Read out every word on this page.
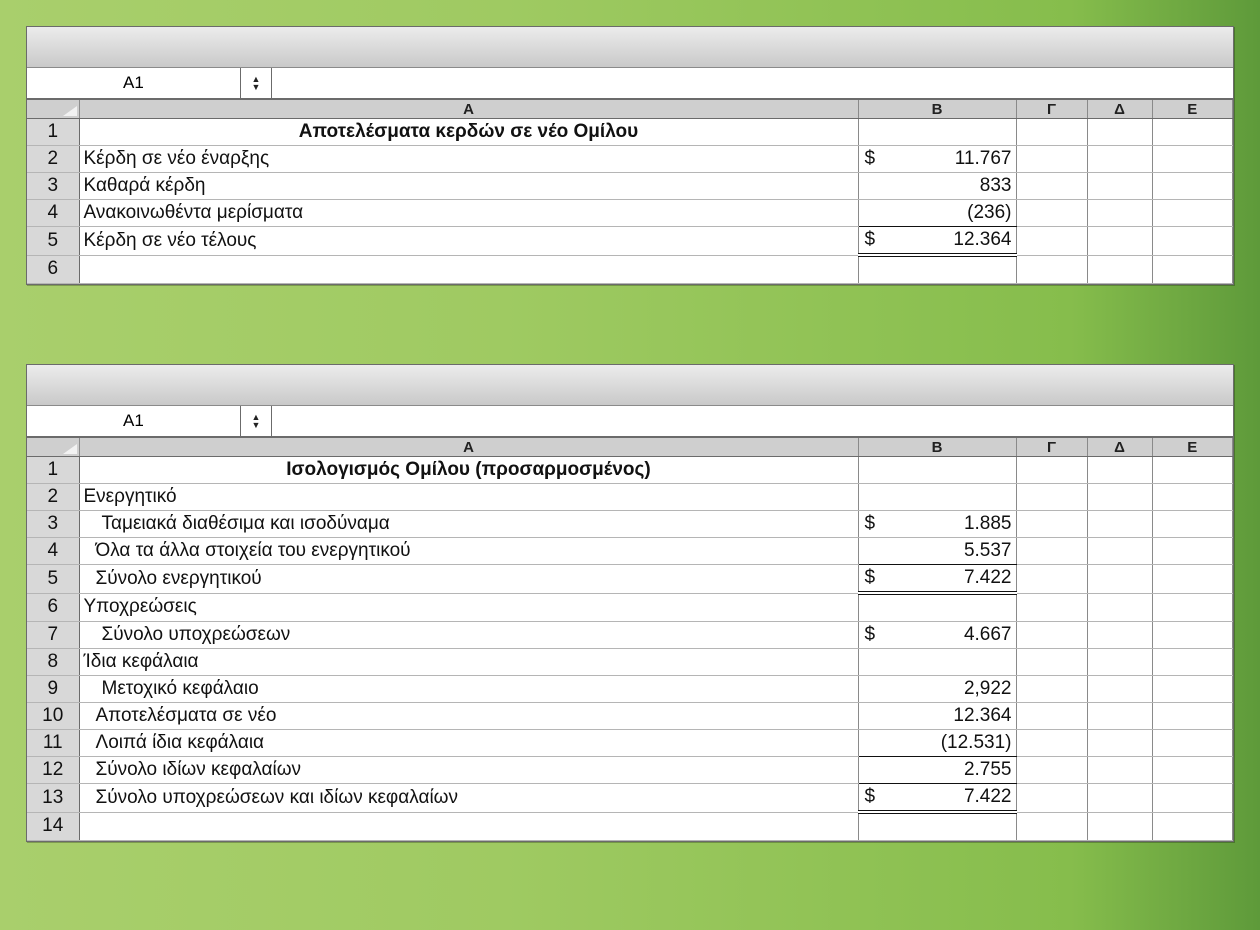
A1	▲
▼
	A	B	Γ	Δ	Ε
1	Αποτελέσματα κερδών σε νέο Ομίλου				
2	Κέρδη σε νέο έναρξης	$ 11.767			
3	Καθαρά κέρδη	833			
4	Ανακοινωθέντα μερίσματα	(236)			
5	Κέρδη σε νέο τέλους	$ 12.364			
6					
A1	▲
▼
	A	B	Γ	Δ	Ε
1	Ισολογισμός Ομίλου (προσαρμοσμένος)				
2	Ενεργητικό				
3	Ταμειακά διαθέσιμα και ισοδύναμα	$ 1.885			
4	Όλα τα άλλα στοιχεία του ενεργητικού	5.537			
5	Σύνολο ενεργητικού	$ 7.422			
6	Υποχρεώσεις				
7	Σύνολο υποχρεώσεων	$ 4.667			
8	Ίδια κεφάλαια				
9	Μετοχικό κεφάλαιο	2,922			
10	Αποτελέσματα σε νέο	12.364			
11	Λοιπά ίδια κεφάλαια	(12.531)			
12	Σύνολο ιδίων κεφαλαίων	2.755			
13	Σύνολο υποχρεώσεων και ιδίων κεφαλαίων	$ 7.422			
14					
